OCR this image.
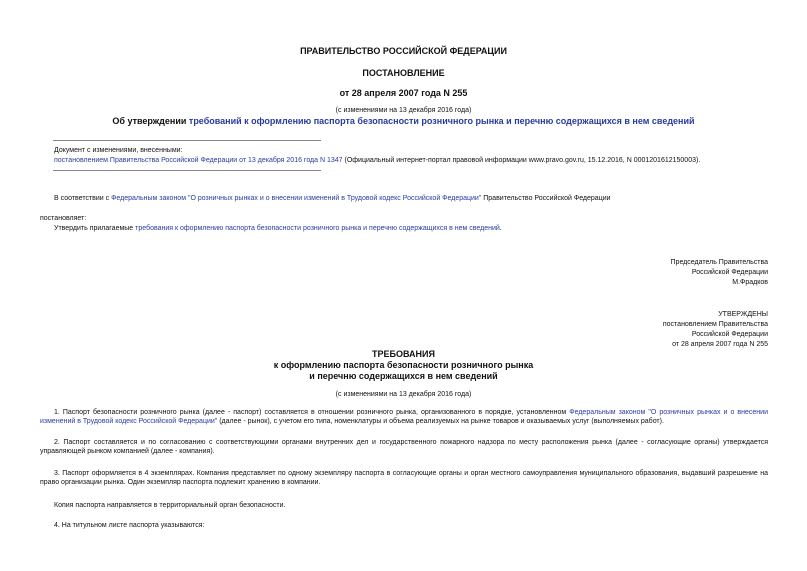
ПРАВИТЕЛЬСТВО РОССИЙСКОЙ ФЕДЕРАЦИИ
ПОСТАНОВЛЕНИЕ
от 28 апреля 2007 года N 255
(с изменениями на 13 декабря 2016 года)
Об утверждении требований к оформлению паспорта безопасности розничного рынка и перечню содержащихся в нем сведений
Документ с изменениями, внесенными:
постановлением Правительства Российской Федерации от 13 декабря 2016 года N 1347 (Официальный интернет-портал правовой информации www.pravo.gov.ru, 15.12.2016, N 0001201612150003).
В соответствии с Федеральным законом "О розничных рынках и о внесении изменений в Трудовой кодекс Российской Федерации" Правительство Российской Федерации
постановляет:
Утвердить прилагаемые требования к оформлению паспорта безопасности розничного рынка и перечню содержащихся в нем сведений.
Председатель Правительства
Российской Федерации
М.Фрадков
УТВЕРЖДЕНЫ
постановлением Правительства
Российской Федерации
от 28 апреля 2007 года N 255
ТРЕБОВАНИЯ
к оформлению паспорта безопасности розничного рынка
и перечню содержащихся в нем сведений
(с изменениями на 13 декабря 2016 года)
1. Паспорт безопасности розничного рынка (далее - паспорт) составляется в отношении розничного рынка, организованного в порядке, установленном Федеральным законом "О розничных рынках и о внесении изменений в Трудовой кодекс Российской Федерации" (далее - рынок), с учетом его типа, номенклатуры и объема реализуемых на рынке товаров и оказываемых услуг (выполняемых работ).
2. Паспорт составляется и по согласованию с соответствующими органами внутренних дел и государственного пожарного надзора по месту расположения рынка (далее - согласующие органы) утверждается управляющей рынком компанией (далее - компания).
3. Паспорт оформляется в 4 экземплярах. Компания представляет по одному экземпляру паспорта в согласующие органы и орган местного самоуправления муниципального образования, выдавший разрешение на право организации рынка. Один экземпляр паспорта подлежит хранению в компании.
Копия паспорта направляется в территориальный орган безопасности.
4. На титульном листе паспорта указываются:
